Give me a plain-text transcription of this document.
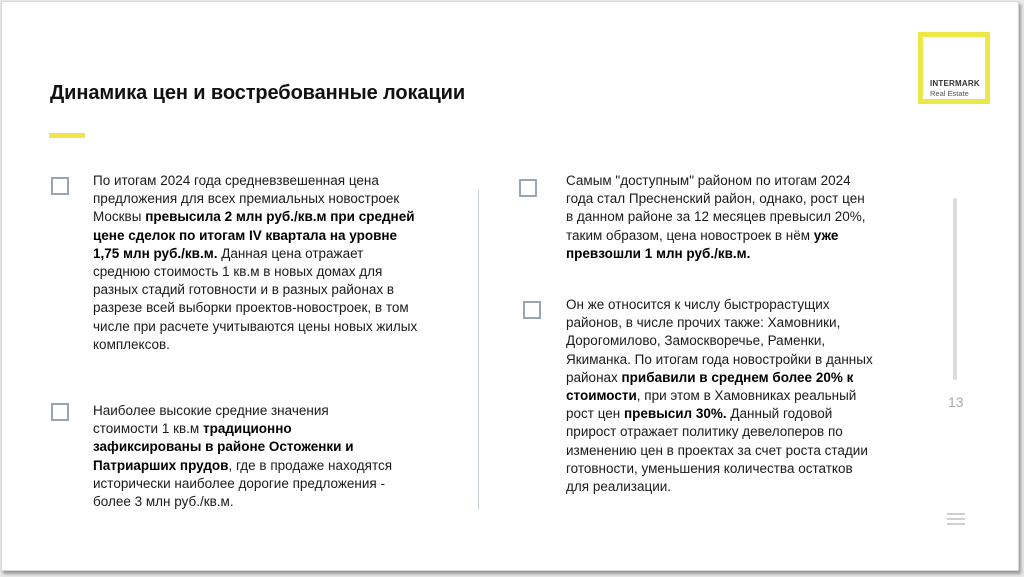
Динамика цен и востребованные локации	INTERMARK
Real Estate

По итогам 2024 года средневзвешенная цена предложения для всех премиальных новостроек Москвы превысила 2 млн руб./кв.м при средней цене сделок по итогам IV квартала на уровне 1,75 млн руб./кв.м. Данная цена отражает среднюю стоимость 1 кв.м в новых домах для разных стадий готовности и в разных районах в разрезе всей выборки проектов-новостроек, в том числе при расчете учитываются цены новых жилых комплексов.

Наиболее высокие средние значения стоимости 1 кв.м традиционно зафиксированы в районе Остоженки и Патриарших прудов, где в продаже находятся исторически наиболее дорогие предложения - более 3 млн руб./кв.м.

Самым "доступным" районом по итогам 2024 года стал Пресненский район, однако, рост цен в данном районе за 12 месяцев превысил 20%, таким образом, цена новостроек в нём уже превзошли 1 млн руб./кв.м.

Он же относится к числу быстрорастущих районов, в числе прочих также: Хамовники, Дорогомилово, Замоскворечье, Раменки, Якиманка. По итогам года новостройки в данных районах прибавили в среднем более 20% к стоимости, при этом в Хамовниках реальный рост цен превысил 30%. Данный годовой прирост отражает политику девелоперов по изменению цен в проектах за счет роста стадии готовности, уменьшения количества остатков для реализации.

13
